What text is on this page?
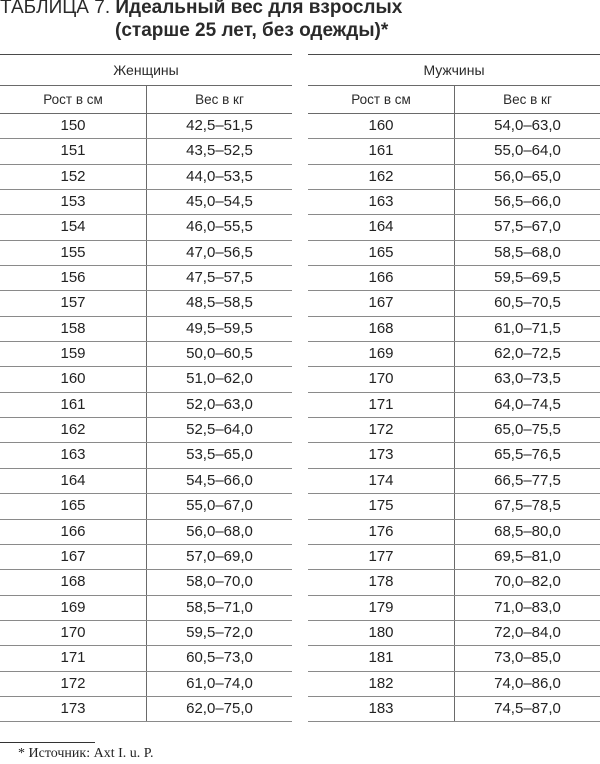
ТАБЛИЦА 7. Идеальный вес для взрослых
(старше 25 лет, без одежды)*
Женщины
Рост в см	Вес в кг
150	42,5–51,5
151	43,5–52,5
152	44,0–53,5
153	45,0–54,5
154	46,0–55,5
155	47,0–56,5
156	47,5–57,5
157	48,5–58,5
158	49,5–59,5
159	50,0–60,5
160	51,0–62,0
161	52,0–63,0
162	52,5–64,0
163	53,5–65,0
164	54,5–66,0
165	55,0–67,0
166	56,0–68,0
167	57,0–69,0
168	58,0–70,0
169	58,5–71,0
170	59,5–72,0
171	60,5–73,0
172	61,0–74,0
173	62,0–75,0
Мужчины
Рост в см	Вес в кг
160	54,0–63,0
161	55,0–64,0
162	56,0–65,0
163	56,5–66,0
164	57,5–67,0
165	58,5–68,0
166	59,5–69,5
167	60,5–70,5
168	61,0–71,5
169	62,0–72,5
170	63,0–73,5
171	64,0–74,5
172	65,0–75,5
173	65,5–76,5
174	66,5–77,5
175	67,5–78,5
176	68,5–80,0
177	69,5–81,0
178	70,0–82,0
179	71,0–83,0
180	72,0–84,0
181	73,0–85,0
182	74,0–86,0
183	74,5–87,0
* Источник: Axt I. u. P.
